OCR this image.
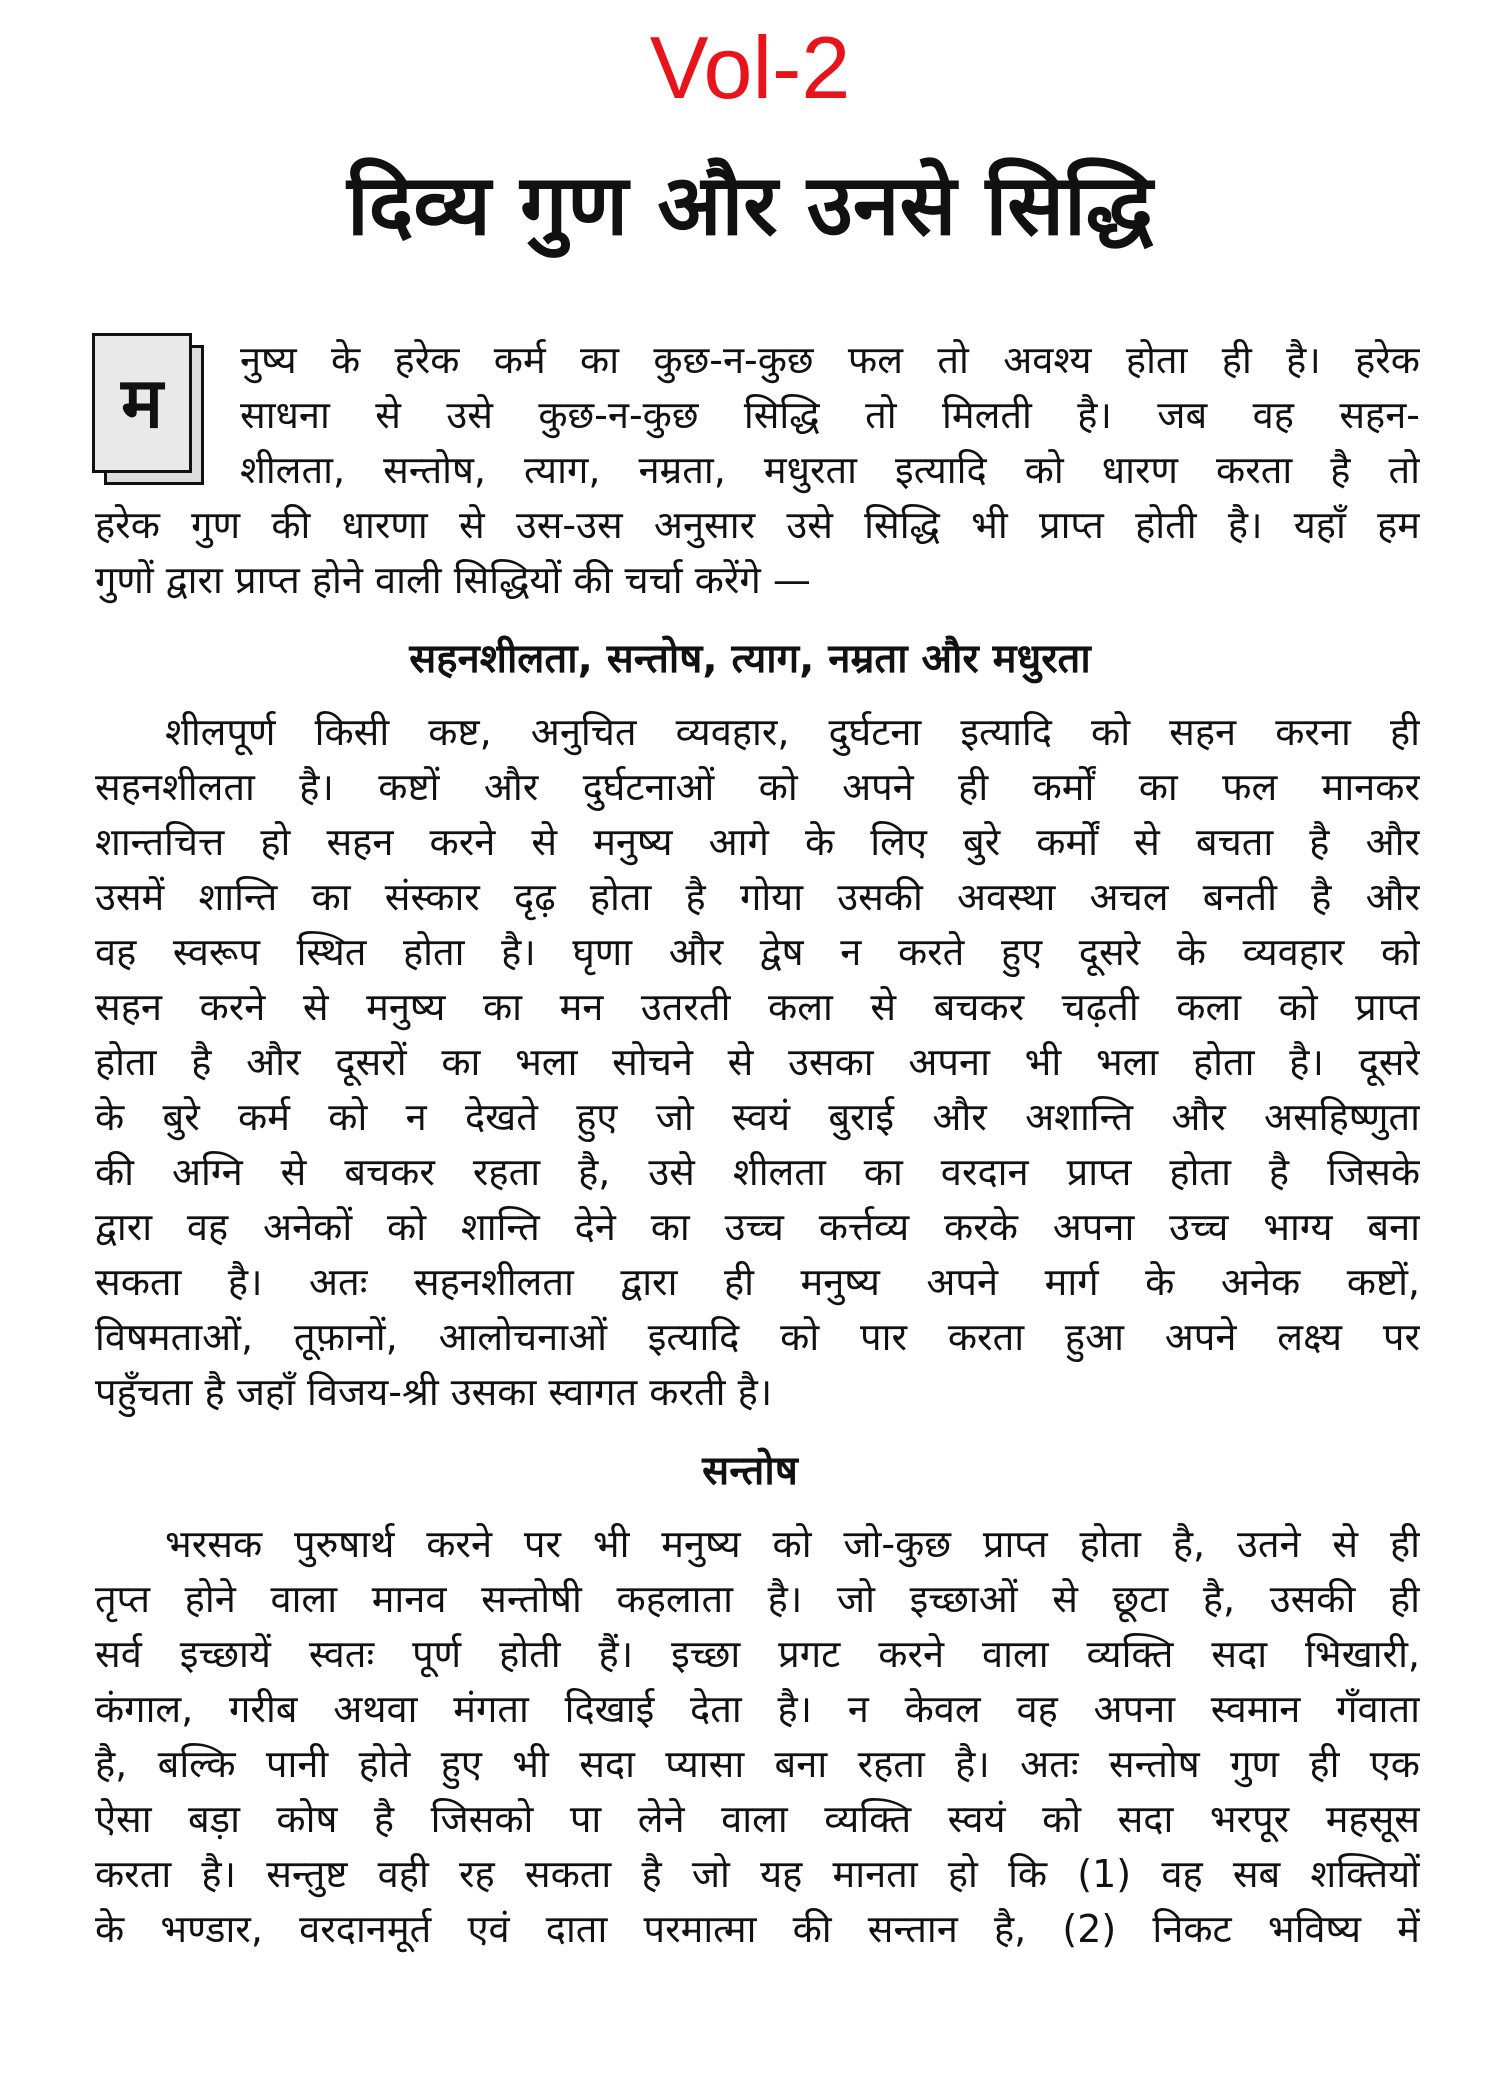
Vol-2
दिव्य गुण और उनसे सिद्धि
म
नुष्य के हरेक कर्म का कुछ-न-कुछ फल तो अवश्य होता ही है। हरेक
साधना से उसे कुछ-न-कुछ सिद्धि तो मिलती है। जब वह सहन-
शीलता, सन्तोष, त्याग, नम्रता, मधुरता इत्यादि को धारण करता है तो
हरेक गुण की धारणा से उस-उस अनुसार उसे सिद्धि भी प्राप्त होती है। यहाँ हम
गुणों द्वारा प्राप्त होने वाली सिद्धियों की चर्चा करेंगे —
सहनशीलता, सन्तोष, त्याग, नम्रता और मधुरता
शीलपूर्ण किसी कष्ट, अनुचित व्यवहार, दुर्घटना इत्यादि को सहन करना ही
सहनशीलता है। कष्टों और दुर्घटनाओं को अपने ही कर्मों का फल मानकर
शान्तचित्त हो सहन करने से मनुष्य आगे के लिए बुरे कर्मों से बचता है और
उसमें शान्ति का संस्कार दृढ़ होता है गोया उसकी अवस्था अचल बनती है और
वह स्वरूप स्थित होता है। घृणा और द्वेष न करते हुए दूसरे के व्यवहार को
सहन करने से मनुष्य का मन उतरती कला से बचकर चढ़ती कला को प्राप्त
होता है और दूसरों का भला सोचने से उसका अपना भी भला होता है। दूसरे
के बुरे कर्म को न देखते हुए जो स्वयं बुराई और अशान्ति और असहिष्णुता
की अग्नि से बचकर रहता है, उसे शीलता का वरदान प्राप्त होता है जिसके
द्वारा वह अनेकों को शान्ति देने का उच्च कर्त्तव्य करके अपना उच्च भाग्य बना
सकता है। अतः सहनशीलता द्वारा ही मनुष्य अपने मार्ग के अनेक कष्टों,
विषमताओं, तूफ़ानों, आलोचनाओं इत्यादि को पार करता हुआ अपने लक्ष्य पर
पहुँचता है जहाँ विजय-श्री उसका स्वागत करती है।
सन्तोष
भरसक पुरुषार्थ करने पर भी मनुष्य को जो-कुछ प्राप्त होता है, उतने से ही
तृप्त होने वाला मानव सन्तोषी कहलाता है। जो इच्छाओं से छूटा है, उसकी ही
सर्व इच्छायें स्वतः पूर्ण होती हैं। इच्छा प्रगट करने वाला व्यक्ति सदा भिखारी,
कंगाल, गरीब अथवा मंगता दिखाई देता है। न केवल वह अपना स्वमान गँवाता
है, बल्कि पानी होते हुए भी सदा प्यासा बना रहता है। अतः सन्तोष गुण ही एक
ऐसा बड़ा कोष है जिसको पा लेने वाला व्यक्ति स्वयं को सदा भरपूर महसूस
करता है। सन्तुष्ट वही रह सकता है जो यह मानता हो कि (1) वह सब शक्तियों
के भण्डार, वरदानमूर्त एवं दाता परमात्मा की सन्तान है, (2) निकट भविष्य में
